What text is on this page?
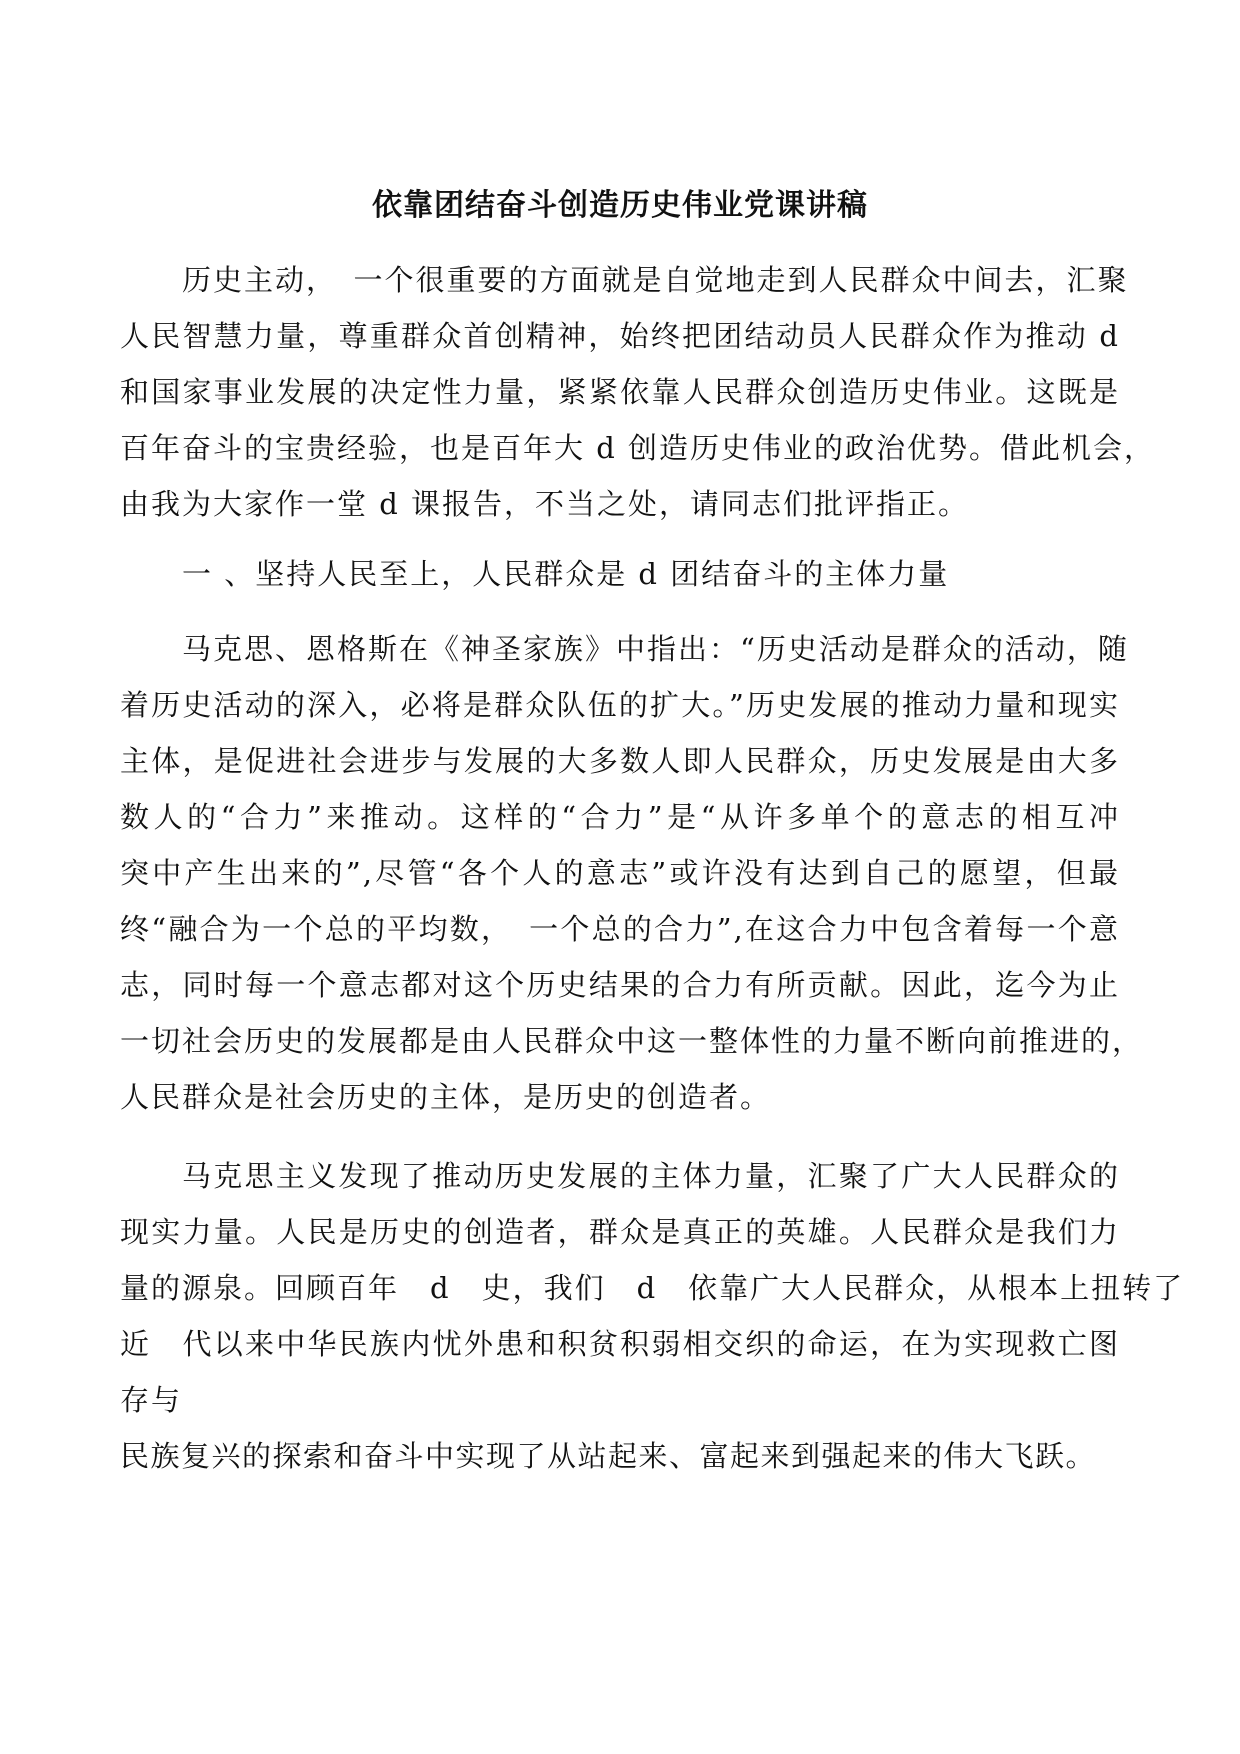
依靠团结奋斗创造历史伟业党课讲稿
历史主动，　一个很重要的方面就是自觉地走到人民群众中间去，汇聚
人民智慧力量，尊重群众首创精神，始终把团结动员人民群众作为推动 d
和国家事业发展的决定性力量，紧紧依靠人民群众创造历史伟业。这既是
百年奋斗的宝贵经验，也是百年大 d 创造历史伟业的政治优势。借此机会，
由我为大家作一堂 d 课报告，不当之处，请同志们批评指正。
一 、坚持人民至上，人民群众是 d 团结奋斗的主体力量
马克思、恩格斯在《神圣家族》中指出：“历史活动是群众的活动，随
着历史活动的深入，必将是群众队伍的扩大。”历史发展的推动力量和现实
主体，是促进社会进步与发展的大多数人即人民群众，历史发展是由大多
数人的“合力”来推动。这样的“合力”是“从许多单个的意志的相互冲
突中产生出来的”,尽管“各个人的意志”或许没有达到自己的愿望，但最
终“融合为一个总的平均数，　一个总的合力”,在这合力中包含着每一个意
志，同时每一个意志都对这个历史结果的合力有所贡献。因此，迄今为止
一切社会历史的发展都是由人民群众中这一整体性的力量不断向前推进的，
人民群众是社会历史的主体，是历史的创造者。
马克思主义发现了推动历史发展的主体力量，汇聚了广大人民群众的
现实力量。人民是历史的创造者，群众是真正的英雄。人民群众是我们力
量的源泉。回顾百年　d　史，我们　d　依靠广大人民群众，从根本上扭转了
近　代以来中华民族内忧外患和积贫积弱相交织的命运，在为实现救亡图
存与
民族复兴的探索和奋斗中实现了从站起来、富起来到强起来的伟大飞跃。
